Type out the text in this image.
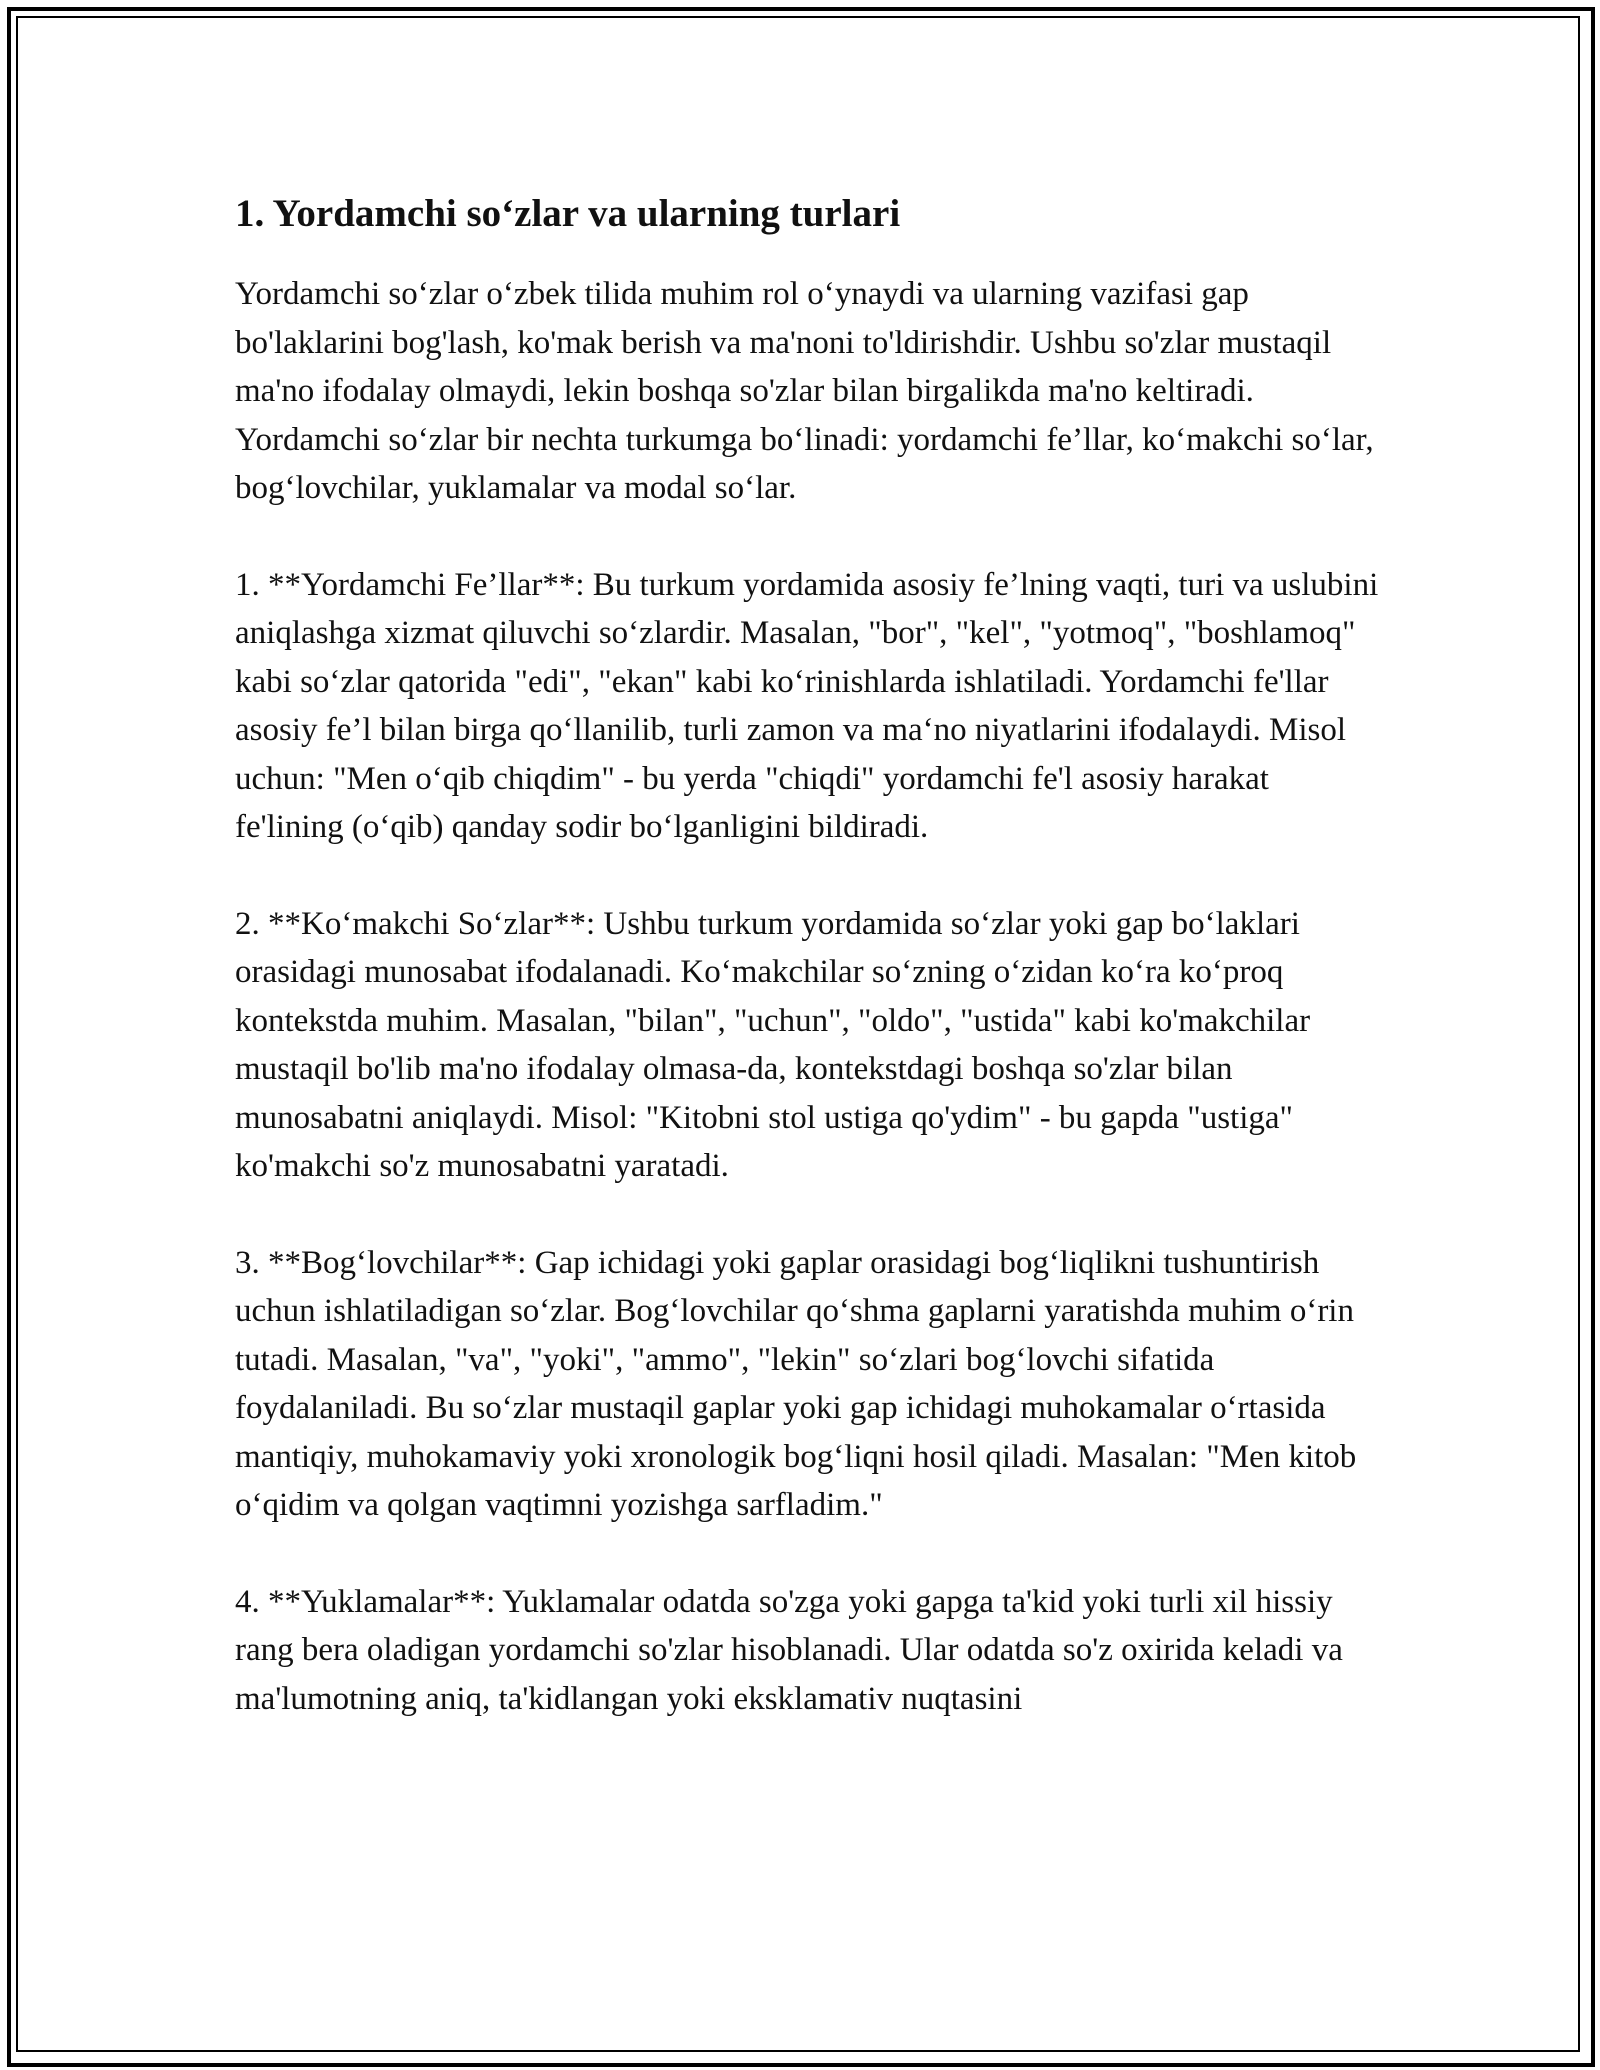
1. Yordamchi so‘zlar va ularning turlari

Yordamchi so‘zlar o‘zbek tilida muhim rol o‘ynaydi va ularning vazifasi gap bo'laklarini bog'lash, ko'mak berish va ma'noni to'ldirishdir. Ushbu so'zlar mustaqil ma'no ifodalay olmaydi, lekin boshqa so'zlar bilan birgalikda ma'no keltiradi. Yordamchi so‘zlar bir nechta turkumga bo‘linadi: yordamchi fe’llar, ko‘makchi so‘lar, bog‘lovchilar, yuklamalar va modal so‘lar.

1. **Yordamchi Fe’llar**: Bu turkum yordamida asosiy fe’lning vaqti, turi va uslubini aniqlashga xizmat qiluvchi so‘zlardir. Masalan, "bor", "kel", "yotmoq", "boshlamoq" kabi so‘zlar qatorida "edi", "ekan" kabi ko‘rinishlarda ishlatiladi. Yordamchi fe'llar asosiy fe’l bilan birga qo‘llanilib, turli zamon va ma‘no niyatlarini ifodalaydi. Misol uchun: "Men o‘qib chiqdim" - bu yerda "chiqdi" yordamchi fe'l asosiy harakat fe'lining (o‘qib) qanday sodir bo‘lganligini bildiradi.

2. **Ko‘makchi So‘zlar**: Ushbu turkum yordamida so‘zlar yoki gap bo‘laklari orasidagi munosabat ifodalanadi. Ko‘makchilar so‘zning o‘zidan ko‘ra ko‘proq kontekstda muhim. Masalan, "bilan", "uchun", "oldo", "ustida" kabi ko'makchilar mustaqil bo'lib ma'no ifodalay olmasa-da, kontekstdagi boshqa so'zlar bilan munosabatni aniqlaydi. Misol: "Kitobni stol ustiga qo'ydim" - bu gapda "ustiga" ko'makchi so'z munosabatni yaratadi.

3. **Bog‘lovchilar**: Gap ichidagi yoki gaplar orasidagi bog‘liqlikni tushuntirish uchun ishlatiladigan so‘zlar. Bog‘lovchilar qo‘shma gaplarni yaratishda muhim o‘rin tutadi. Masalan, "va", "yoki", "ammo", "lekin" so‘zlari bog‘lovchi sifatida foydalaniladi. Bu so‘zlar mustaqil gaplar yoki gap ichidagi muhokamalar o‘rtasida mantiqiy, muhokamaviy yoki xronologik bog‘liqni hosil qiladi. Masalan: "Men kitob o‘qidim va qolgan vaqtimni yozishga sarfladim."

4. **Yuklamalar**: Yuklamalar odatda so'zga yoki gapga ta'kid yoki turli xil hissiy rang bera oladigan yordamchi so'zlar hisoblanadi. Ular odatda so'z oxirida keladi va ma'lumotning aniq, ta'kidlangan yoki eksklamativ nuqtasini
